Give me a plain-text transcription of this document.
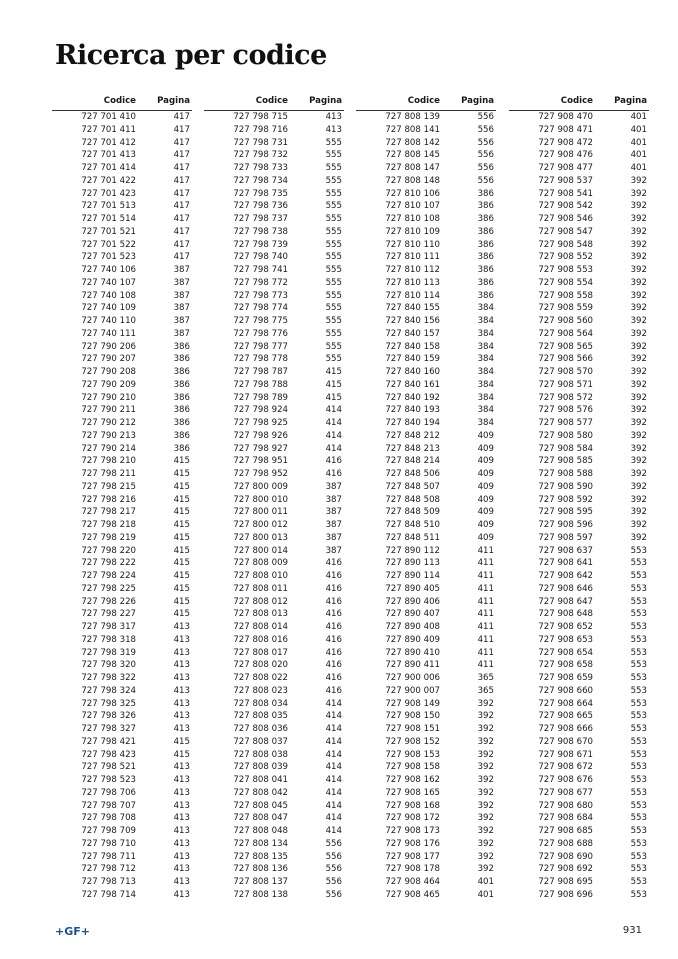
Ricerca per codice
Codice	Pagina
727 701 410	417
727 701 411	417
727 701 412	417
727 701 413	417
727 701 414	417
727 701 422	417
727 701 423	417
727 701 513	417
727 701 514	417
727 701 521	417
727 701 522	417
727 701 523	417
727 740 106	387
727 740 107	387
727 740 108	387
727 740 109	387
727 740 110	387
727 740 111	387
727 790 206	386
727 790 207	386
727 790 208	386
727 790 209	386
727 790 210	386
727 790 211	386
727 790 212	386
727 790 213	386
727 790 214	386
727 798 210	415
727 798 211	415
727 798 215	415
727 798 216	415
727 798 217	415
727 798 218	415
727 798 219	415
727 798 220	415
727 798 222	415
727 798 224	415
727 798 225	415
727 798 226	415
727 798 227	415
727 798 317	413
727 798 318	413
727 798 319	413
727 798 320	413
727 798 322	413
727 798 324	413
727 798 325	413
727 798 326	413
727 798 327	413
727 798 421	415
727 798 423	415
727 798 521	413
727 798 523	413
727 798 706	413
727 798 707	413
727 798 708	413
727 798 709	413
727 798 710	413
727 798 711	413
727 798 712	413
727 798 713	413
727 798 714	413
Codice	Pagina
727 798 715	413
727 798 716	413
727 798 731	555
727 798 732	555
727 798 733	555
727 798 734	555
727 798 735	555
727 798 736	555
727 798 737	555
727 798 738	555
727 798 739	555
727 798 740	555
727 798 741	555
727 798 772	555
727 798 773	555
727 798 774	555
727 798 775	555
727 798 776	555
727 798 777	555
727 798 778	555
727 798 787	415
727 798 788	415
727 798 789	415
727 798 924	414
727 798 925	414
727 798 926	414
727 798 927	414
727 798 951	416
727 798 952	416
727 800 009	387
727 800 010	387
727 800 011	387
727 800 012	387
727 800 013	387
727 800 014	387
727 808 009	416
727 808 010	416
727 808 011	416
727 808 012	416
727 808 013	416
727 808 014	416
727 808 016	416
727 808 017	416
727 808 020	416
727 808 022	416
727 808 023	416
727 808 034	414
727 808 035	414
727 808 036	414
727 808 037	414
727 808 038	414
727 808 039	414
727 808 041	414
727 808 042	414
727 808 045	414
727 808 047	414
727 808 048	414
727 808 134	556
727 808 135	556
727 808 136	556
727 808 137	556
727 808 138	556
Codice	Pagina
727 808 139	556
727 808 141	556
727 808 142	556
727 808 145	556
727 808 147	556
727 808 148	556
727 810 106	386
727 810 107	386
727 810 108	386
727 810 109	386
727 810 110	386
727 810 111	386
727 810 112	386
727 810 113	386
727 810 114	386
727 840 155	384
727 840 156	384
727 840 157	384
727 840 158	384
727 840 159	384
727 840 160	384
727 840 161	384
727 840 192	384
727 840 193	384
727 840 194	384
727 848 212	409
727 848 213	409
727 848 214	409
727 848 506	409
727 848 507	409
727 848 508	409
727 848 509	409
727 848 510	409
727 848 511	409
727 890 112	411
727 890 113	411
727 890 114	411
727 890 405	411
727 890 406	411
727 890 407	411
727 890 408	411
727 890 409	411
727 890 410	411
727 890 411	411
727 900 006	365
727 900 007	365
727 908 149	392
727 908 150	392
727 908 151	392
727 908 152	392
727 908 153	392
727 908 158	392
727 908 162	392
727 908 165	392
727 908 168	392
727 908 172	392
727 908 173	392
727 908 176	392
727 908 177	392
727 908 178	392
727 908 464	401
727 908 465	401
Codice	Pagina
727 908 470	401
727 908 471	401
727 908 472	401
727 908 476	401
727 908 477	401
727 908 537	392
727 908 541	392
727 908 542	392
727 908 546	392
727 908 547	392
727 908 548	392
727 908 552	392
727 908 553	392
727 908 554	392
727 908 558	392
727 908 559	392
727 908 560	392
727 908 564	392
727 908 565	392
727 908 566	392
727 908 570	392
727 908 571	392
727 908 572	392
727 908 576	392
727 908 577	392
727 908 580	392
727 908 584	392
727 908 585	392
727 908 588	392
727 908 590	392
727 908 592	392
727 908 595	392
727 908 596	392
727 908 597	392
727 908 637	553
727 908 641	553
727 908 642	553
727 908 646	553
727 908 647	553
727 908 648	553
727 908 652	553
727 908 653	553
727 908 654	553
727 908 658	553
727 908 659	553
727 908 660	553
727 908 664	553
727 908 665	553
727 908 666	553
727 908 670	553
727 908 671	553
727 908 672	553
727 908 676	553
727 908 677	553
727 908 680	553
727 908 684	553
727 908 685	553
727 908 688	553
727 908 690	553
727 908 692	553
727 908 695	553
727 908 696	553
+GF+	931
